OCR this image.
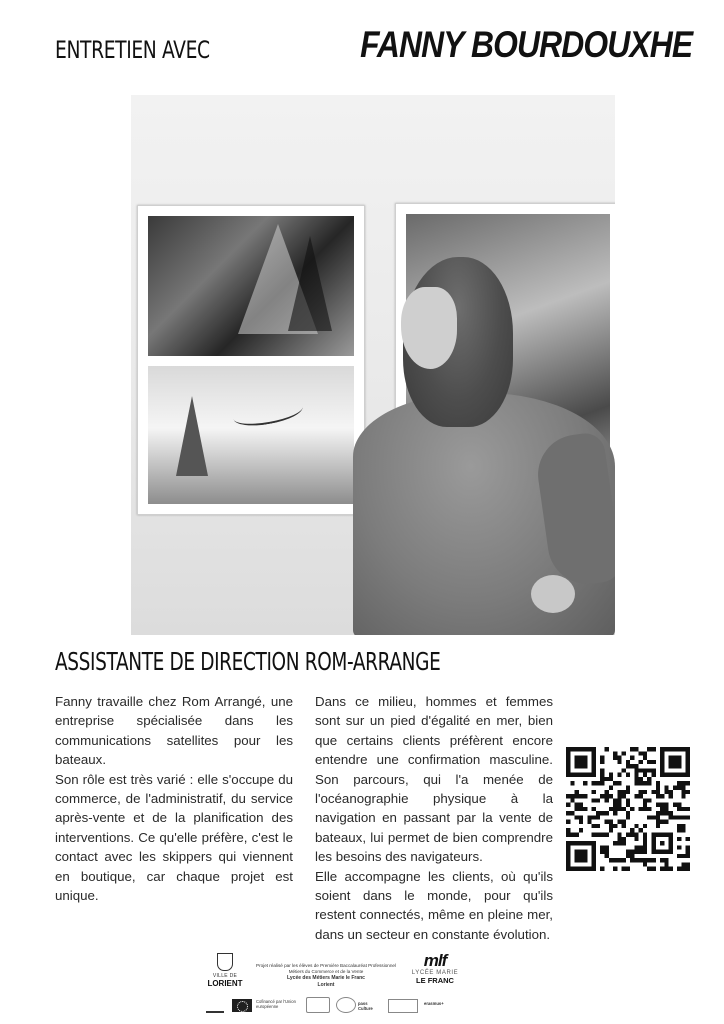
ENTRETIEN AVEC	FANNY BOURDOUXHE
ASSISTANTE DE DIRECTION ROM-ARRANGE

Fanny travaille chez Rom Arrangé, une entreprise spécialisée dans les communications satellites pour les bateaux.

Son rôle est très varié : elle s'occupe du commerce, de l'administratif, du service après-vente et de la planification des interventions. Ce qu'elle préfère, c'est le contact avec les skippers qui viennent en boutique, car chaque projet est unique.

Dans ce milieu, hommes et femmes sont sur un pied d'égalité en mer, bien que certains clients préfèrent encore entendre une confirmation masculine. Son parcours, qui l'a menée de l'océanographie physique à la navigation en passant par la vente de bateaux, lui permet de bien comprendre les besoins des navigateurs.

Elle accompagne les clients, où qu'ils soient dans le monde, pour qu'ils restent connectés, même en pleine mer, dans un secteur en constante évolution.

VILLE DE
LORIENT
Projet réalisé par les élèves de Première Baccalauréat Professionnel
Métiers du Commerce et de la Vente
Lycée des Métiers Marie le Franc
Lorient
mlf
LYCÉE MARIE
LE FRANC
Cofinancé par l'Union européenne
pass Culture
erasmus+
